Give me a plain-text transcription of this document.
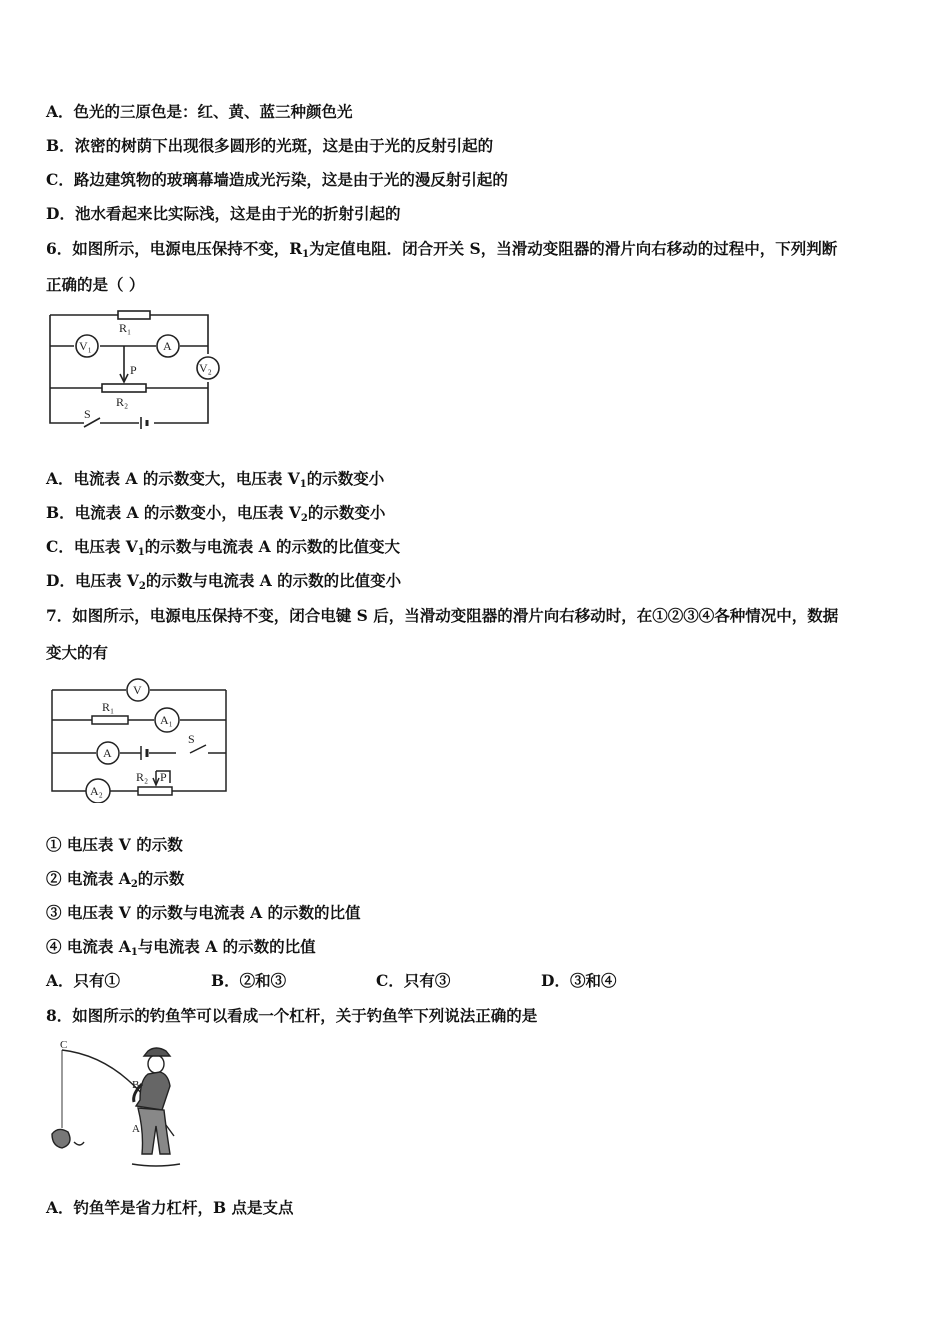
A．色光的三原色是：红、黄、蓝三种颜色光
B．浓密的树荫下出现很多圆形的光斑，这是由于光的反射引起的
C．路边建筑物的玻璃幕墙造成光污染，这是由于光的漫反射引起的
D．池水看起来比实际浅，这是由于光的折射引起的
6．如图所示，电源电压保持不变，$R_1$为定值电阻．闭合开关 S，当滑动变阻器的滑片向右移动的过程中，下列判断
正确的是（ ）
R₁
V₁	A
V₂
P
R₂
S
A．电流表 A 的示数变大，电压表 $V_1$的示数变小
B．电流表 A 的示数变小，电压表 $V_2$的示数变小
C．电压表 $V_1$的示数与电流表 A 的示数的比值变大
D．电压表 $V_2$的示数与电流表 A 的示数的比值变小
7．如图所示，电源电压保持不变，闭合电键 S 后，当滑动变阻器的滑片向右移动时，在①②③④各种情况中，数据
变大的有
V
R₁
A₁
A
S
R₂ P
A₂
① 电压表 V 的示数
② 电流表 $A_2$的示数
③ 电压表 V 的示数与电流表 A 的示数的比值
④ 电流表 $A_1$与电流表 A 的示数的比值
A．只有①	B．②和③	C．只有③	D．③和④
8．如图所示的钓鱼竿可以看成一个杠杆，关于钓鱼竿下列说法正确的是
C
B
A
A．钓鱼竿是省力杠杆，B 点是支点
